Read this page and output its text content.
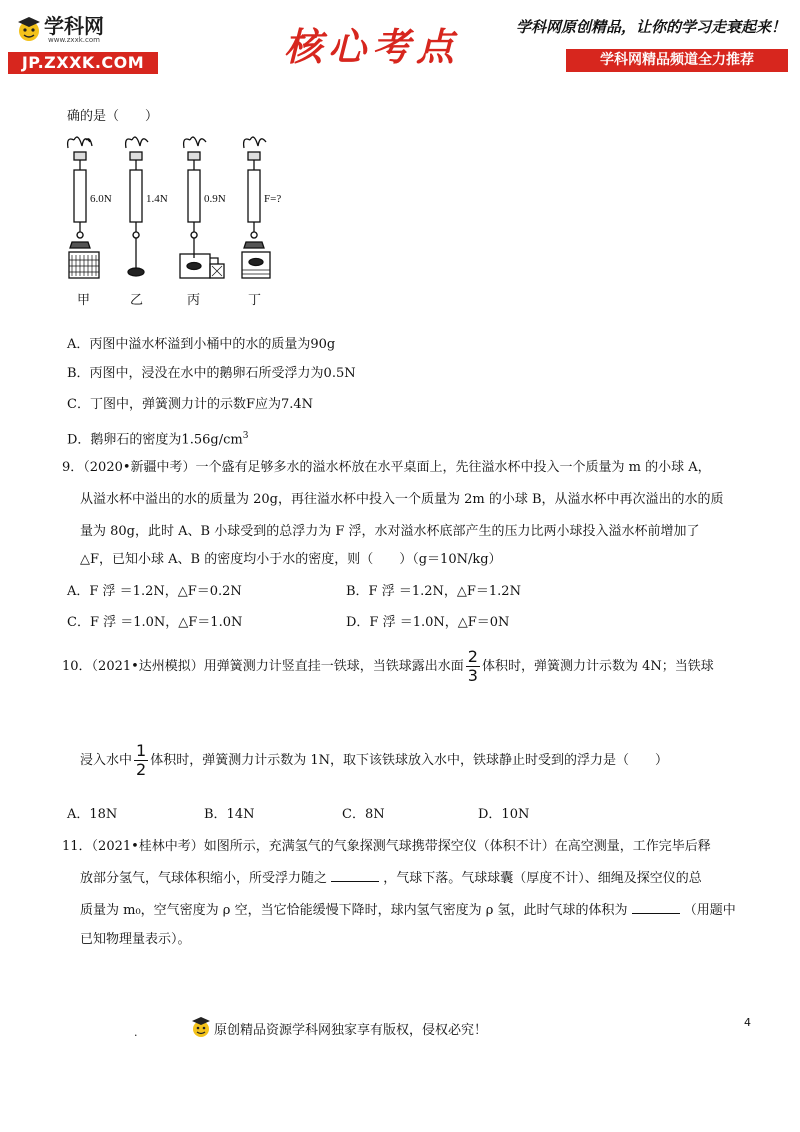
学科网
www.zxxk.com
JP.ZXXK.COM	核心考点	学科网原创精品，让你的学习走衰起来！
学科网精品频道全力推荐
确的是（　　）
6.0N	1.4N	0.9N	F=?
甲	乙	丙	丁
A．丙图中溢水杯溢到小桶中的水的质量为90g
B．丙图中，浸没在水中的鹅卵石所受浮力为0.5N
C．丁图中，弹簧测力计的示数F应为7.4N
D．鹅卵石的密度为$1.56g/cm^3$
9．（2020•新疆中考）一个盛有足够多水的溢水杯放在水平桌面上，先往溢水杯中投入一个质量为 m 的小球 A，
从溢水杯中溢出的水的质量为 20g，再往溢水杯中投入一个质量为 2m 的小球 B，从溢水杯中再次溢出的水的质
量为 80g，此时 A、B 小球受到的总浮力为 F 浮，水对溢水杯底部产生的压力比两小球投入溢水杯前增加了
△F，已知小球 A、B 的密度均小于水的密度，则（　　）（g＝10N/kg）
A．F 浮 ＝1.2N，△F＝0.2N	B．F 浮 ＝1.2N，△F＝1.2N
C．F 浮 ＝1.0N，△F＝1.0N	D．F 浮 ＝1.0N，△F＝0N
10．（2021•达州模拟）用弹簧测力计竖直挂一铁球，当铁球露出水面 $\frac{2}{3}$ 体积时，弹簧测力计示数为 4N；当铁球
浸入水中 $\frac{1}{2}$ 体积时，弹簧测力计示数为 1N，取下该铁球放入水中，铁球静止时受到的浮力是（　　）
A．18N	B．14N	C．8N	D．10N
11．（2021•桂林中考）如图所示，充满氢气的气象探测气球携带探空仪（体积不计）在高空测量，工作完毕后释
放部分氢气，气球体积缩小，所受浮力随之	，气球下落。气球球囊（厚度不计）、细绳及探空仪的总
质量为 m₀，空气密度为 ρ 空，当它恰能缓慢下降时，球内氢气密度为 ρ 氢，此时气球的体积为	（用题中
已知物理量表示）。
原创精品资源学科网独家享有版权，侵权必究！
.
4
